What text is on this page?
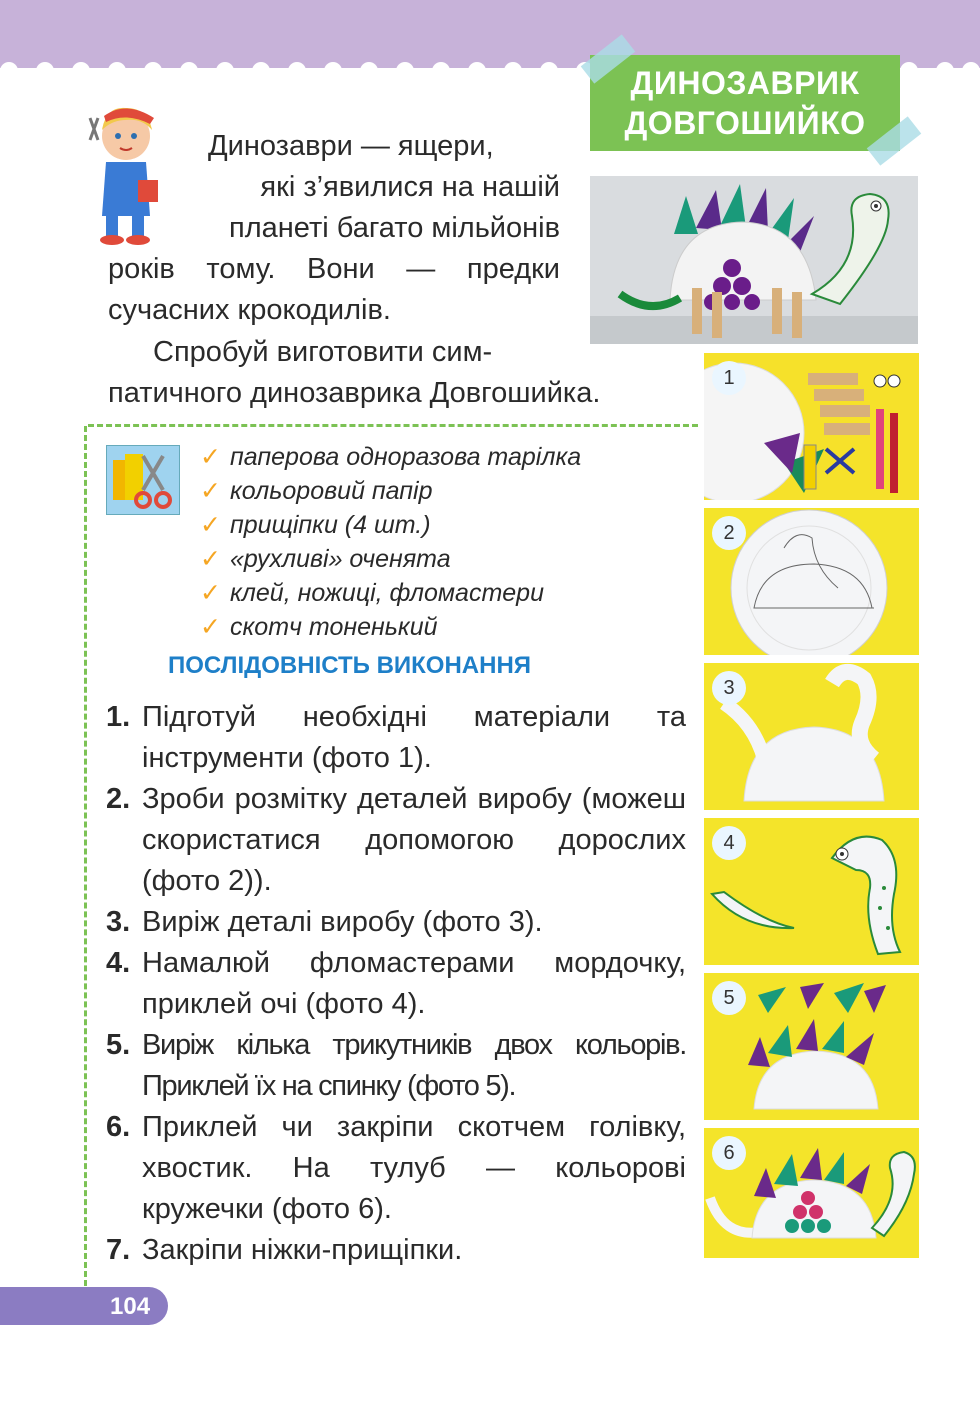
ДИНОЗАВРИК
ДОВГОШИЙКО

Динозаври — ящери,

які з’явилися на нашій

планеті багато мільйонів

років тому. Вони — предки

сучасних крокодилів.

Спробуй виготовити сим-

патичного динозаврика Довгошийка.	1
2
3
4
5
6
✓ паперова одноразова тарілка
✓ кольоровий папір
✓ прищіпки (4 шт.)
✓ «рухливі» оченята
✓ клей, ножиці, фломастери
✓ скотч тоненький
ПОСЛІДОВНІСТЬ ВИКОНАННЯ
1. Підготуй необхідні матеріали та інструменти (фото 1).
2. Зроби розмітку деталей виробу (можеш скористатися допомогою дорослих (фото 2)).
3. Виріж деталі виробу (фото 3).
4. Намалюй фломастерами мордочку, приклей очі (фото 4).
5. Виріж кілька трикутників двох кольорів. Приклей їх на спинку (фото 5).
6. Приклей чи закріпи скотчем голівку, хвостик. На тулуб — кольорові кружечки (фото 6).
7. Закріпи ніжки-прищіпки.
104
